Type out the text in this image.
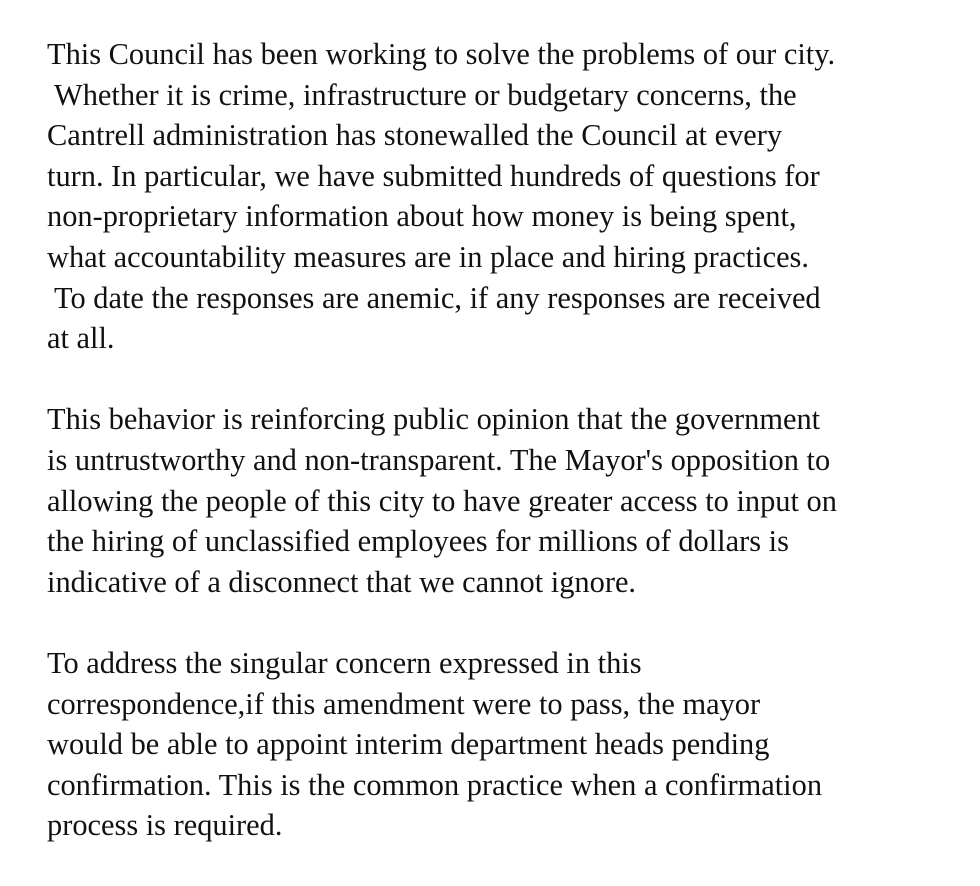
This Council has been working to solve the problems of our city.
Whether it is crime, infrastructure or budgetary concerns, the
Cantrell administration has stonewalled the Council at every
turn. In particular, we have submitted hundreds of questions for
non-proprietary information about how money is being spent,
what accountability measures are in place and hiring practices.
To date the responses are anemic, if any responses are received
at all.

This behavior is reinforcing public opinion that the government
is untrustworthy and non-transparent. The Mayor's opposition to
allowing the people of this city to have greater access to input on
the hiring of unclassified employees for millions of dollars is
indicative of a disconnect that we cannot ignore.

To address the singular concern expressed in this
correspondence,if this amendment were to pass, the mayor
would be able to appoint interim department heads pending
confirmation. This is the common practice when a confirmation
process is required.
